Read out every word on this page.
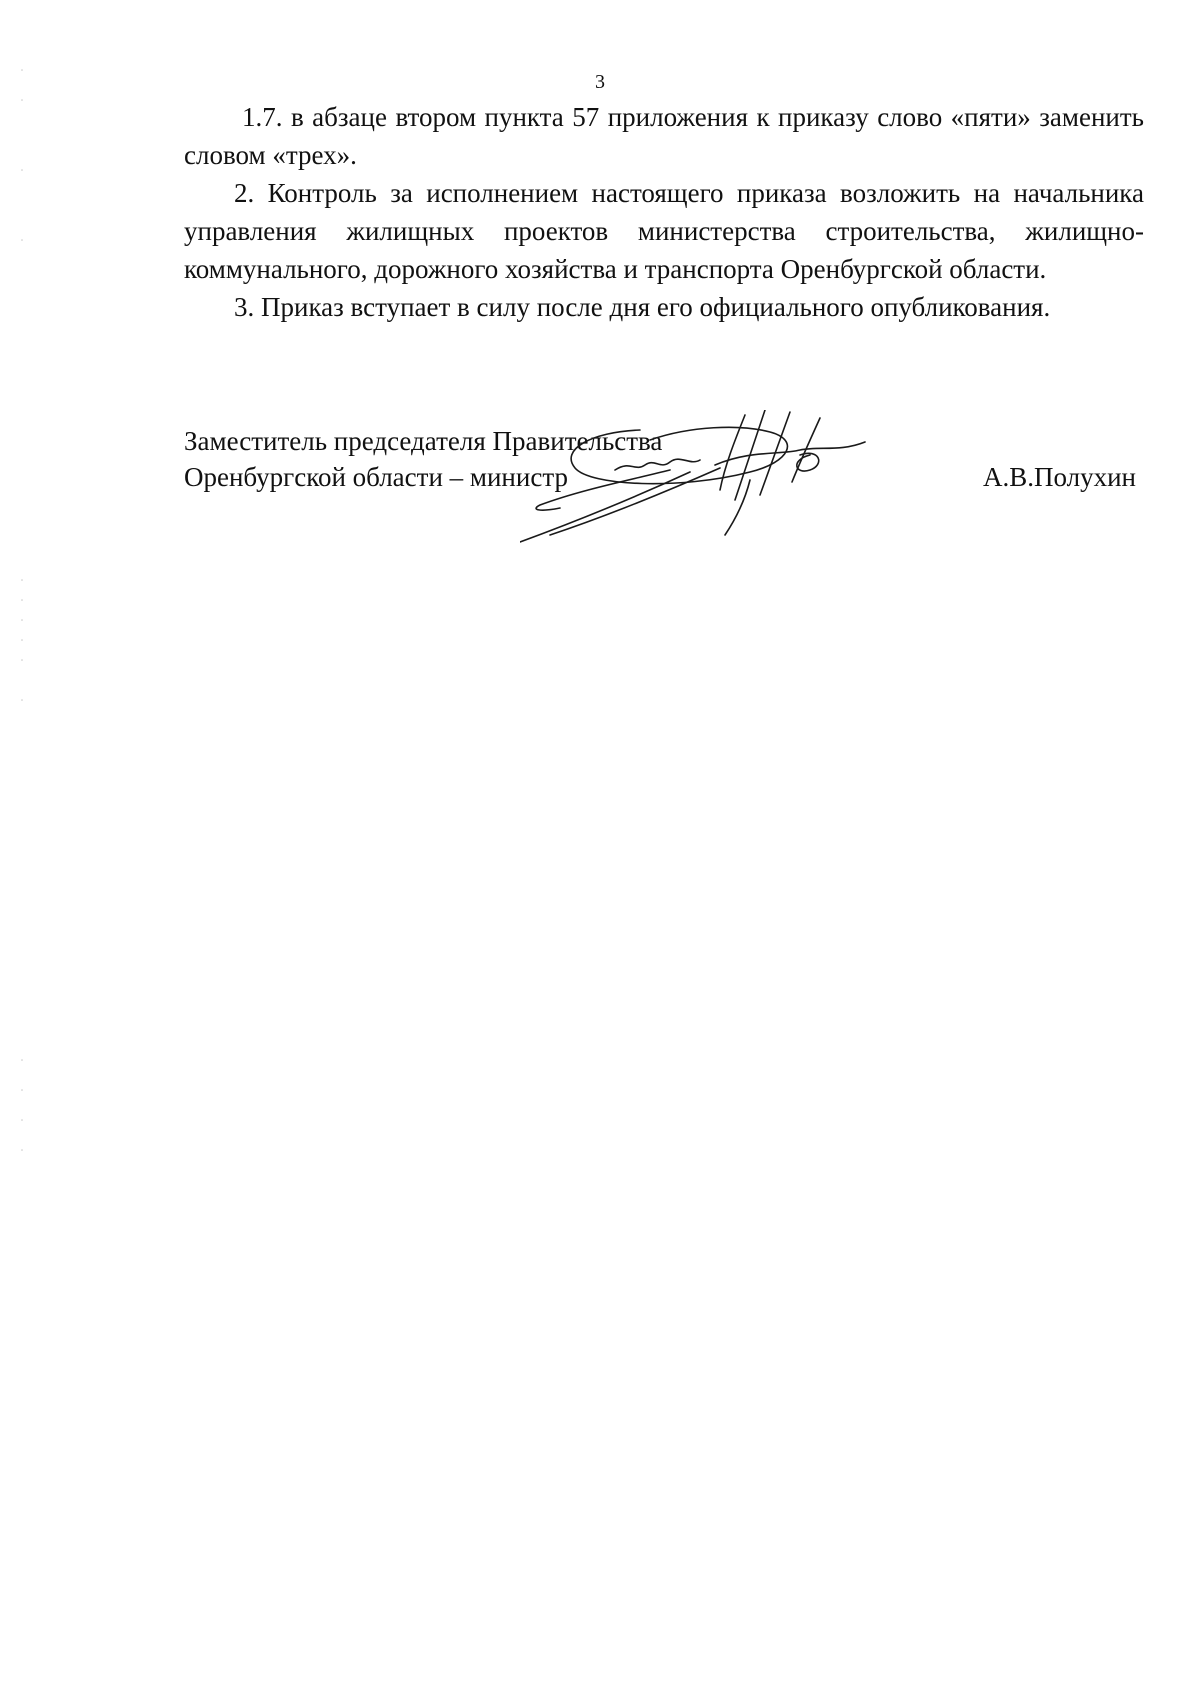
3

1.7. в абзаце втором пункта 57 приложения к приказу слово «пяти» заменить словом «трех».

2. Контроль за исполнением настоящего приказа возложить на начальника управления жилищных проектов министерства строительства, жилищно-коммунального, дорожного хозяйства и транспорта Оренбургской области.

3. Приказ вступает в силу после дня его официального опубликования.

Заместитель председателя Правительства
Оренбургской области – министр	А.В.Полухин
